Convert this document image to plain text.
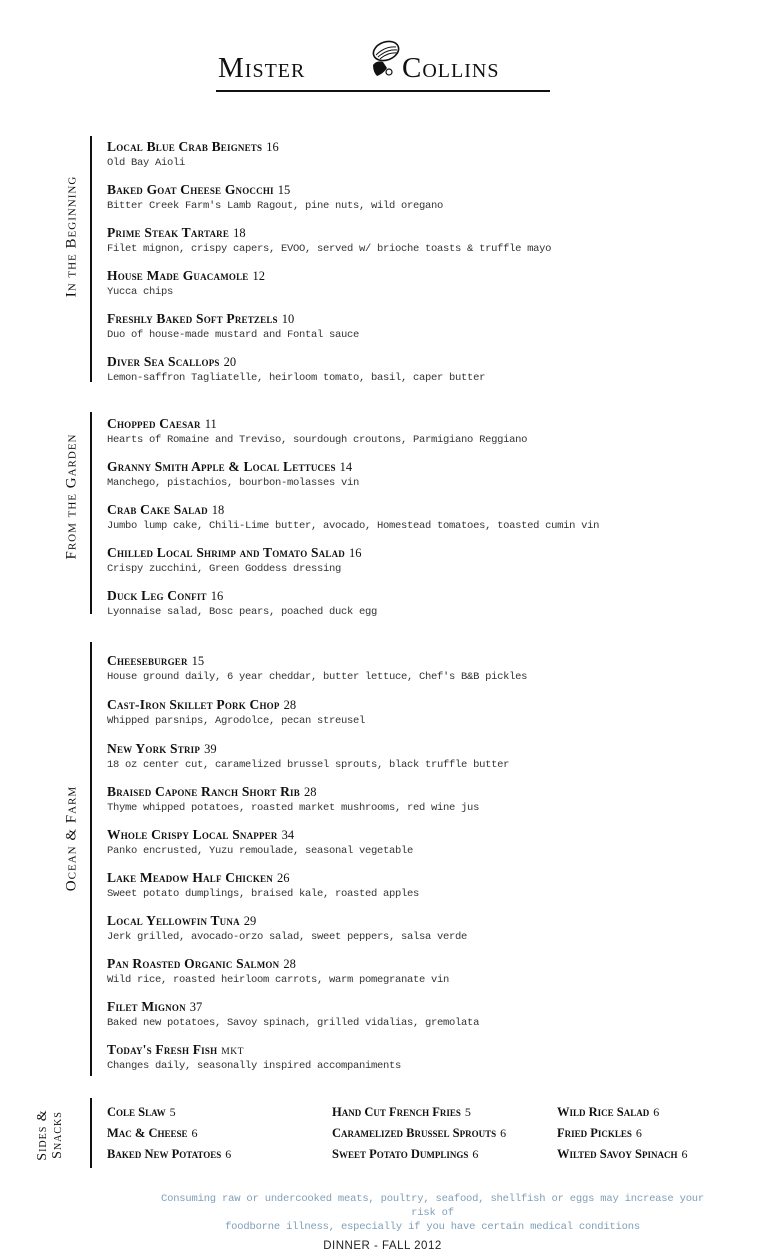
Mister	Collins
In the Beginning
Local Blue Crab Beignets 16
Old Bay Aioli
Baked Goat Cheese Gnocchi 15
Bitter Creek Farm's Lamb Ragout, pine nuts, wild oregano
Prime Steak Tartare 18
Filet mignon, crispy capers, EVOO, served w/ brioche toasts & truffle mayo
House Made Guacamole 12
Yucca chips
Freshly Baked Soft Pretzels 10
Duo of house-made mustard and Fontal sauce
Diver Sea Scallops 20
Lemon-saffron Tagliatelle, heirloom tomato, basil, caper butter
From the Garden
Chopped Caesar 11
Hearts of Romaine and Treviso, sourdough croutons, Parmigiano Reggiano
Granny Smith Apple & Local Lettuces 14
Manchego, pistachios, bourbon-molasses vin
Crab Cake Salad 18
Jumbo lump cake, Chili-Lime butter, avocado, Homestead tomatoes, toasted cumin vin
Chilled Local Shrimp and Tomato Salad 16
Crispy zucchini, Green Goddess dressing
Duck Leg Confit 16
Lyonnaise salad, Bosc pears, poached duck egg
Ocean & Farm
Cheeseburger 15
House ground daily, 6 year cheddar, butter lettuce, Chef's B&B pickles
Cast-Iron Skillet Pork Chop 28
Whipped parsnips, Agrodolce, pecan streusel
New York Strip 39
18 oz center cut, caramelized brussel sprouts, black truffle butter
Braised Capone Ranch Short Rib 28
Thyme whipped potatoes, roasted market mushrooms, red wine jus
Whole Crispy Local Snapper 34
Panko encrusted, Yuzu remoulade, seasonal vegetable
Lake Meadow Half Chicken 26
Sweet potato dumplings, braised kale, roasted apples
Local Yellowfin Tuna 29
Jerk grilled, avocado-orzo salad, sweet peppers, salsa verde
Pan Roasted Organic Salmon 28
Wild rice, roasted heirloom carrots, warm pomegranate vin
Filet Mignon 37
Baked new potatoes, Savoy spinach, grilled vidalias, gremolata
Today's Fresh Fish MKT
Changes daily, seasonally inspired accompaniments
Sides &
Snacks	Cole Slaw 5
Mac & Cheese 6
Baked New Potatoes 6
Hand Cut French Fries 5
Caramelized Brussel Sprouts 6
Sweet Potato Dumplings 6
Wild Rice Salad 6
Fried Pickles 6
Wilted Savoy Spinach 6
Consuming raw or undercooked meats, poultry, seafood, shellfish or eggs may increase your risk of
foodborne illness, especially if you have certain medical conditions
DINNER - FALL 2012
